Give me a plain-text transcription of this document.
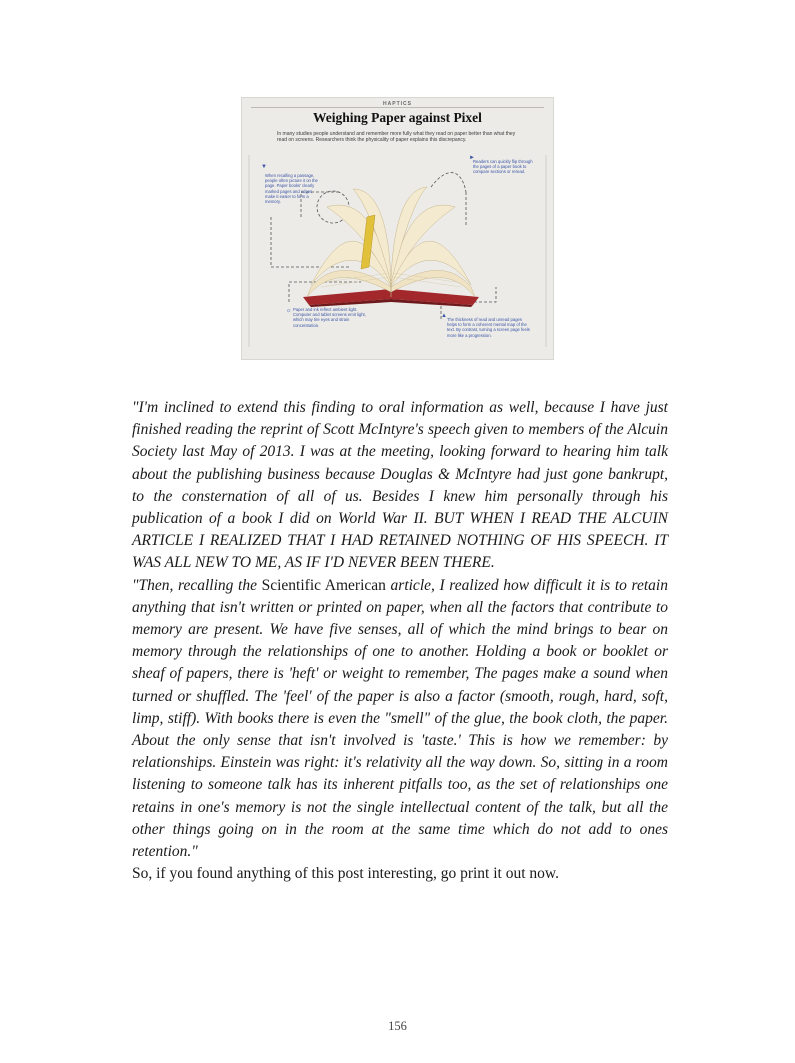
HAPTICS
Weighing Paper against Pixel
In many studies people understand and remember more fully what they read on paper better than what they read on screens. Researchers think the physicality of paper explains this discrepancy.
▼
►
☼
▲
When recalling a passage, people often picture it on the page. Paper books' clearly marked pages and edges make it easier to form a memory.
Readers can quickly flip through the pages of a paper book to compare sections or reread.
Paper and ink reflect ambient light. Computer and tablet screens emit light, which may tire eyes and strain concentration.
The thickness of read and unread pages helps to form a coherent mental map of the text. By contrast, turning a screen page feels more like a progression.

"I'm inclined to extend this finding to oral information as well, because I have just finished reading the reprint of Scott McIntyre's speech given to members of the Alcuin Society last May of 2013. I was at the meeting, looking forward to hearing him talk about the publishing business because Douglas & McIntyre had just gone bankrupt, to the consternation of all of us. Besides I knew him personally through his publication of a book I did on World War II. BUT WHEN I READ THE ALCUIN ARTICLE I REALIZED THAT I HAD RETAINED NOTHING OF HIS SPEECH. IT WAS ALL NEW TO ME, AS IF I'D NEVER BEEN THERE.

"Then, recalling the Scientific American article, I realized how difficult it is to retain anything that isn't written or printed on paper, when all the factors that contribute to memory are present. We have five senses, all of which the mind brings to bear on memory through the relationships of one to another. Holding a book or booklet or sheaf of papers, there is 'heft' or weight to remember, The pages make a sound when turned or shuffled. The 'feel' of the paper is also a factor (smooth, rough, hard, soft, limp, stiff). With books there is even the "smell" of the glue, the book cloth, the paper. About the only sense that isn't involved is 'taste.' This is how we remember: by relationships. Einstein was right: it's relativity all the way down. So, sitting in a room listening to someone talk has its inherent pitfalls too, as the set of relationships one retains in one's memory is not the single intellectual content of the talk, but all the other things going on in the room at the same time which do not add to ones retention."

So, if you found anything of this post interesting, go print it out now.

156
